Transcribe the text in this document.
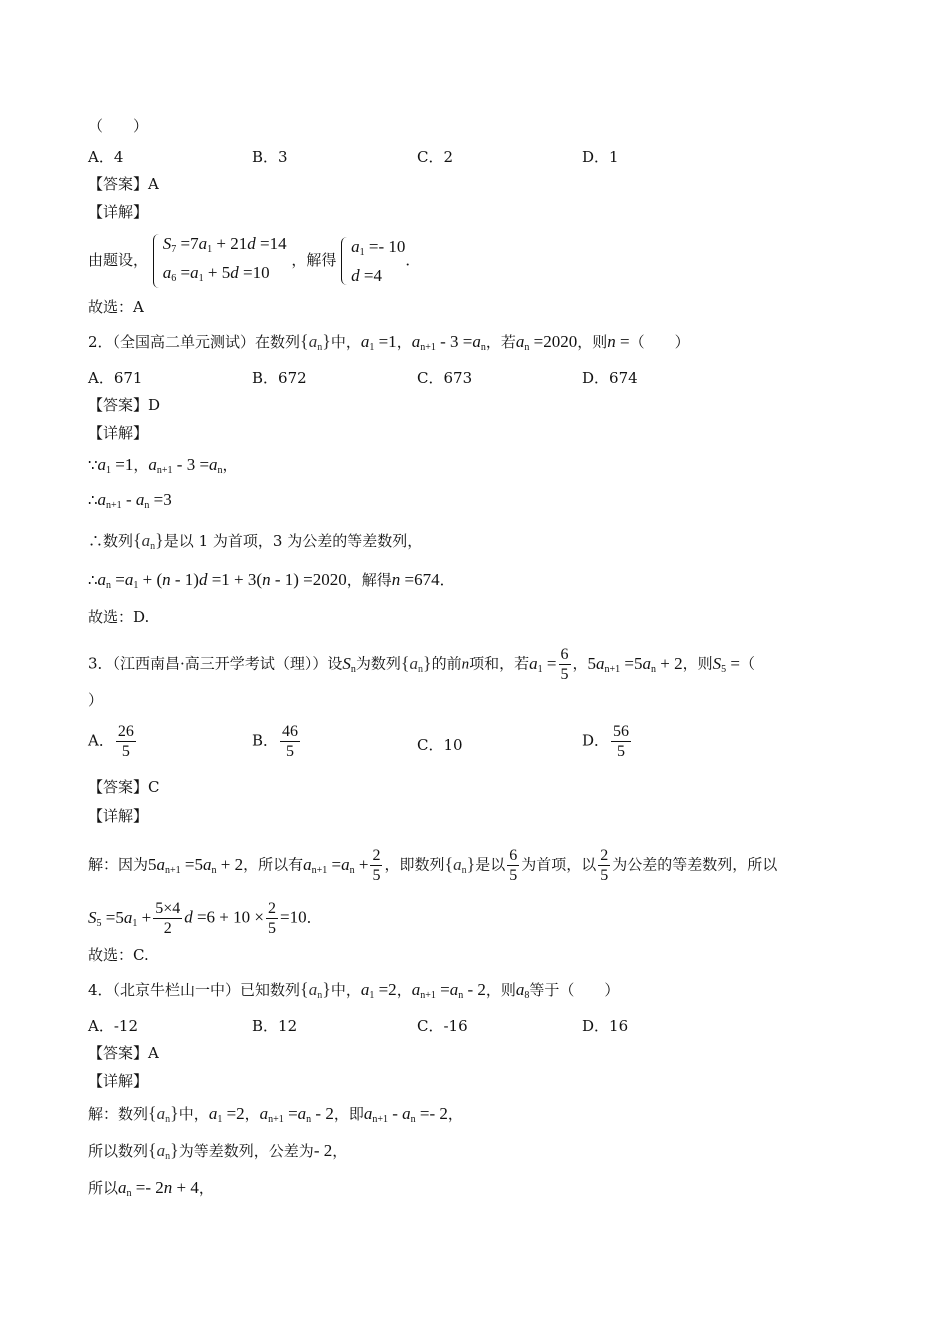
（　　）
A．4	B．3	C．2	D．1
【答案】A
【详解】
由题设，
$S_7 =7a_1 + 21d =14$
$a_6 =a_1 + 5d =10$
，解得
$a_1 =- 10$
d =4
．
故选：A
2．（全国高二单元测试）在数列$\{a_n\}$中，$a_1 =1$，$a_{n+1} - 3 =a_n$，若$a_n =2020$，则n =（　　）
A．671	B．672	C．673	D．674
【答案】D
【详解】
$\because a_1 =1$，$a_{n+1} - 3 =a_n$，
$\therefore a_{n+1} - a_n =3$
∴数列$\{a_n\}$是以 1 为首项，3 为公差的等差数列，
$\therefore a_n =a_1 + (n - 1)d =1 + 3(n - 1) =2020$，解得n =674．
故选：D.
3．（江西南昌·高三开学考试（理））设$S_n$为数列$\{a_n\}$的前n项和，若$a_1 = \frac{6}{5}$ ，$5a_{n+1} =5a_n + 2$，则$S_5$ =（
）
A． $\frac{26}{5}$	B． $\frac{46}{5}$	C．10	D． $\frac{56}{5}$
【答案】C
【详解】
解：因为$5a_{n+1} =5a_n + 2$，所以有$a_{n+1} =a_n + \frac{2}{5}$ ，即数列$\{a_n\}$是以 $\frac{6}{5}$ 为首项，以 $\frac{2}{5}$ 为公差的等差数列，所以
$S_5 =5a_1 + \frac{5\times 4}{2}$ $d =6 + 10 \times \frac{2}{5} =10$．
故选：C.
4．（北京牛栏山一中）已知数列$\{a_n\}$中，$a_1 =2$，$a_{n+1} =a_n - 2$，则$a_8$等于（　　）
A．-12	B．12	C．-16	D．16
【答案】A
【详解】
解：数列$\{a_n\}$中，$a_1 =2$，$a_{n+1} =a_n - 2$，即$a_{n+1} - a_n =- 2$，
所以数列$\{a_n\}$为等差数列，公差为- 2，
所以$a_n =- 2n + 4$，
